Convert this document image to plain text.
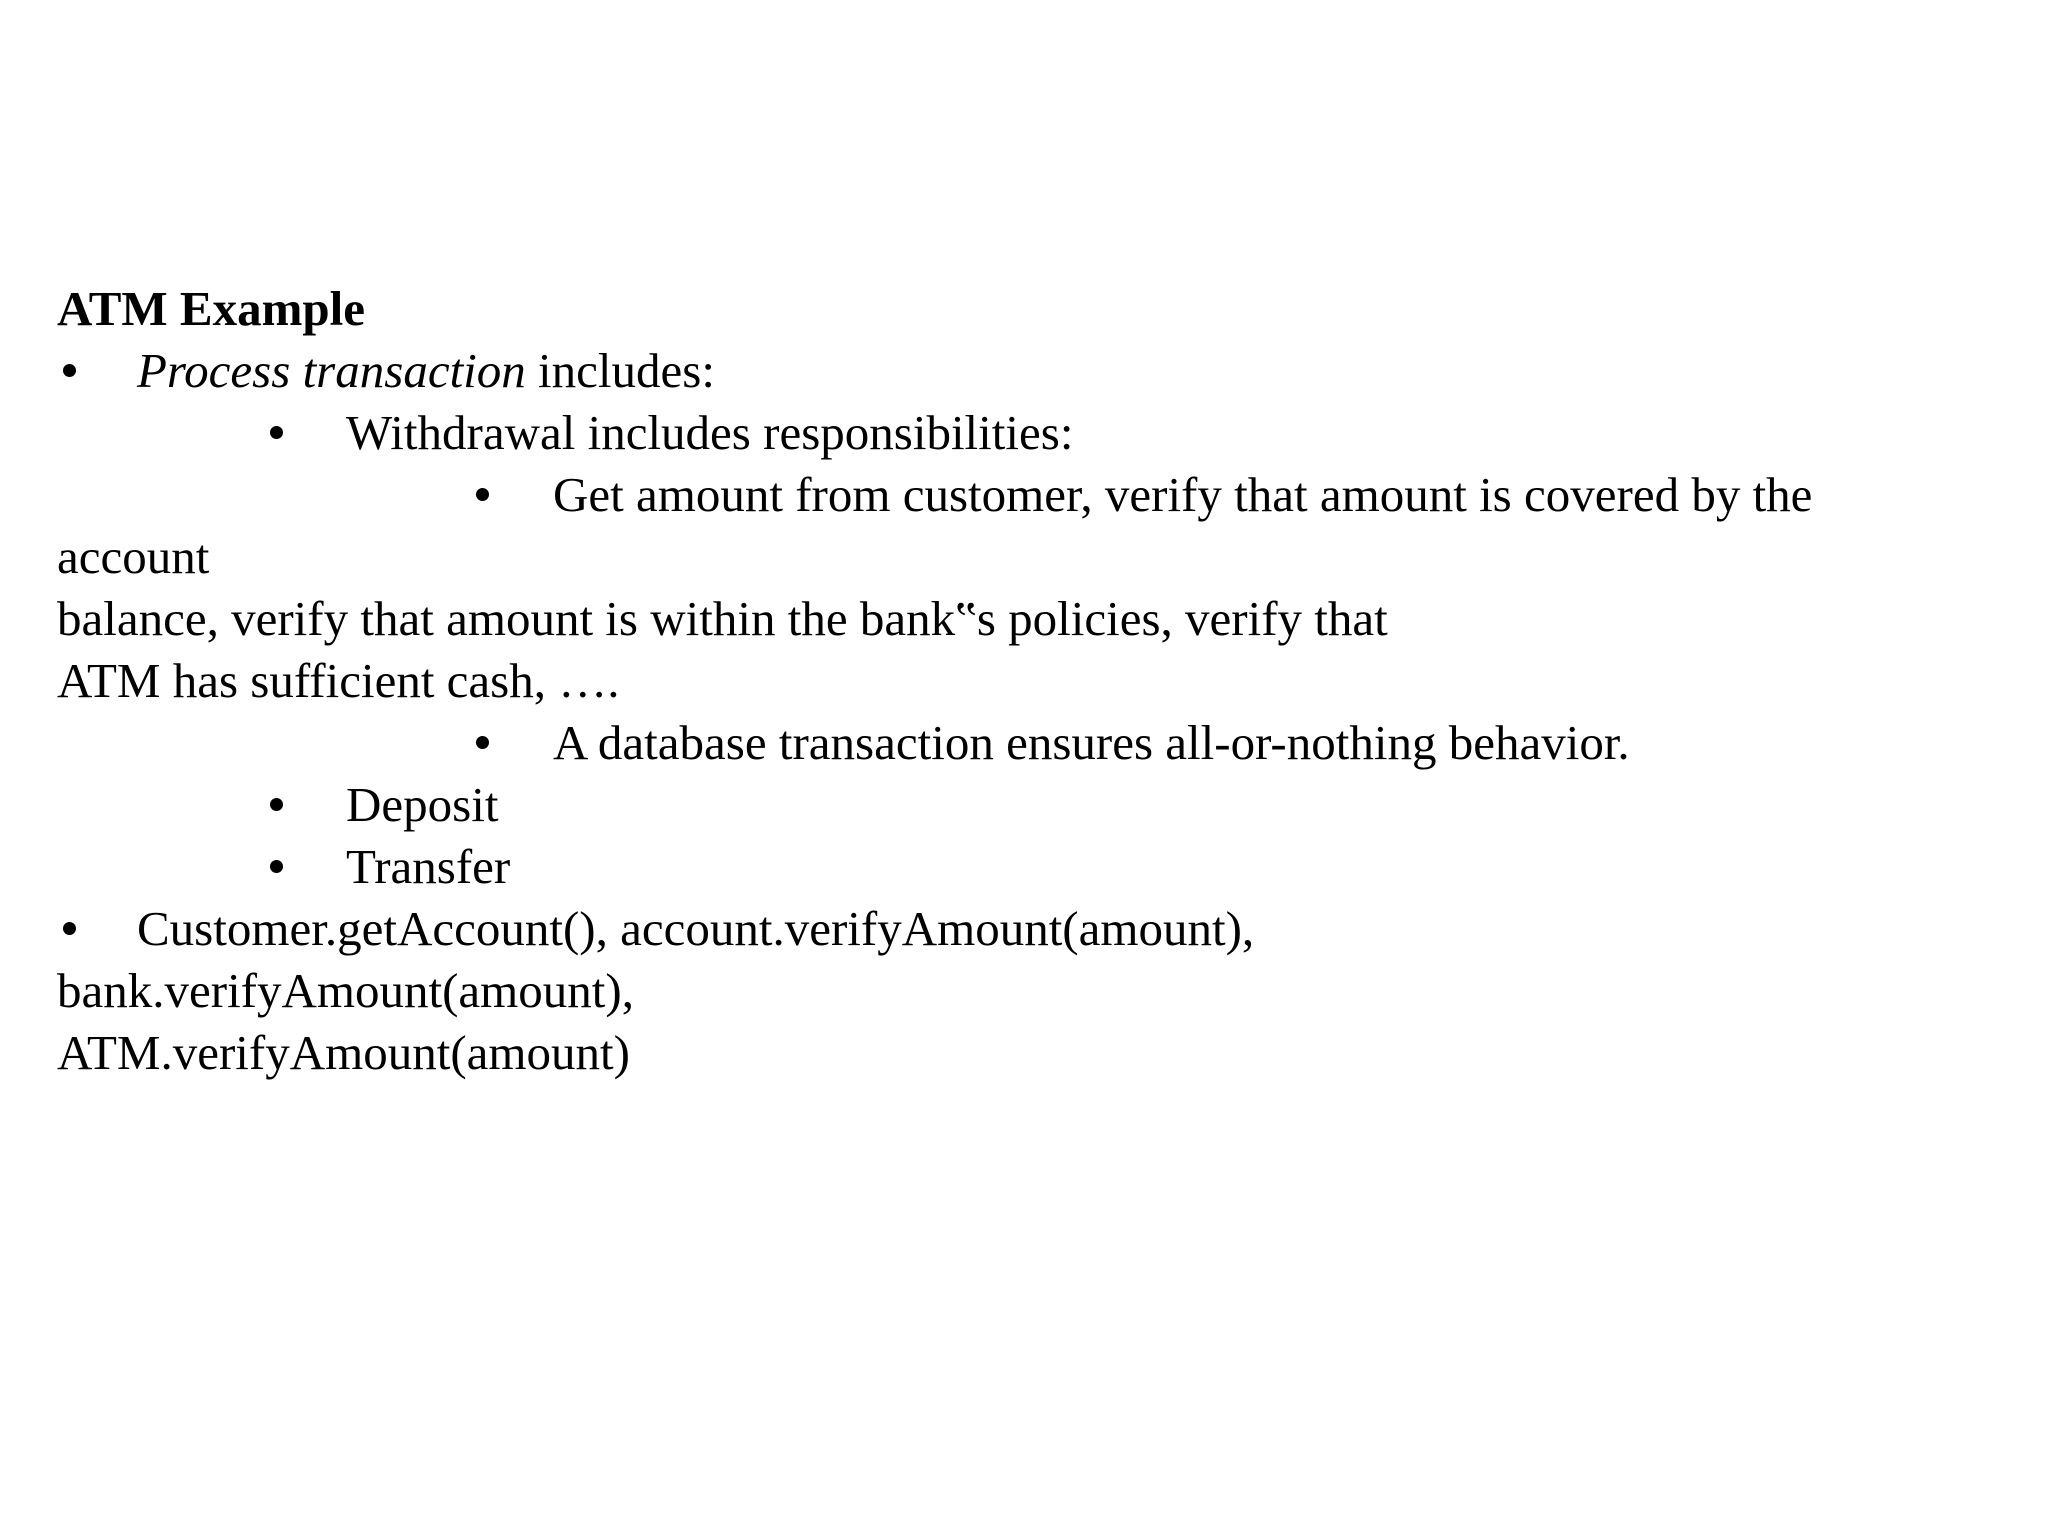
ATM Example
Process transaction includes:
Withdrawal includes responsibilities:
Get amount from customer, verify that amount is covered by the
account
balance, verify that amount is within the bank‟s policies, verify that
ATM has sufficient cash, ….
A database transaction ensures all-or-nothing behavior.
Deposit
Transfer
Customer.getAccount(), account.verifyAmount(amount),
bank.verifyAmount(amount),
ATM.verifyAmount(amount)
